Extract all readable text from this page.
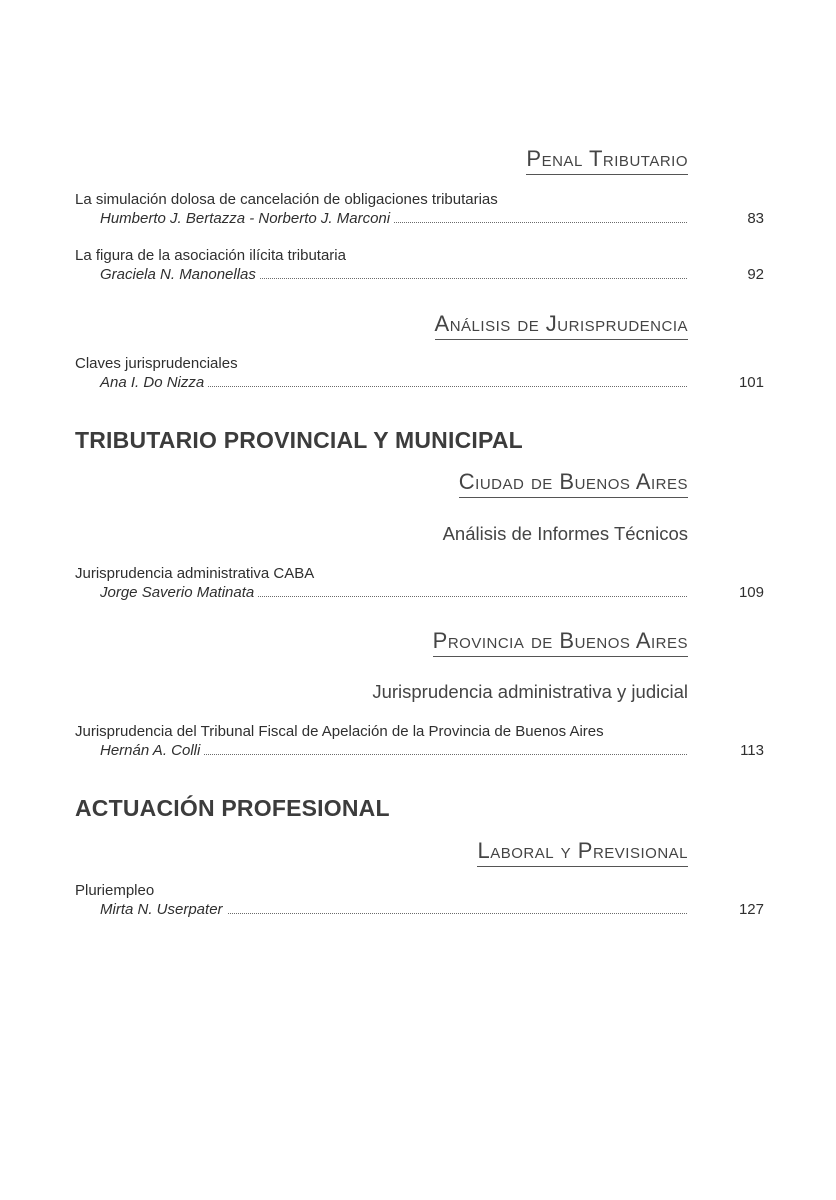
Penal Tributario
La simulación dolosa de cancelación de obligaciones tributarias
Humberto J. Bertazza - Norberto J. Marconi	83
La figura de la asociación ilícita tributaria
Graciela N. Manonellas	92
Análisis de Jurisprudencia
Claves jurisprudenciales
Ana I. Do Nizza	101
TRIBUTARIO PROVINCIAL Y MUNICIPAL
Ciudad de Buenos Aires
Análisis de Informes Técnicos
Jurisprudencia administrativa CABA
Jorge Saverio Matinata	109
Provincia de Buenos Aires
Jurisprudencia administrativa y judicial
Jurisprudencia del Tribunal Fiscal de Apelación de la Provincia de Buenos Aires
Hernán A. Colli	113
ACTUACIÓN PROFESIONAL
Laboral y Previsional
Pluriempleo
Mirta N. Userpater	127
